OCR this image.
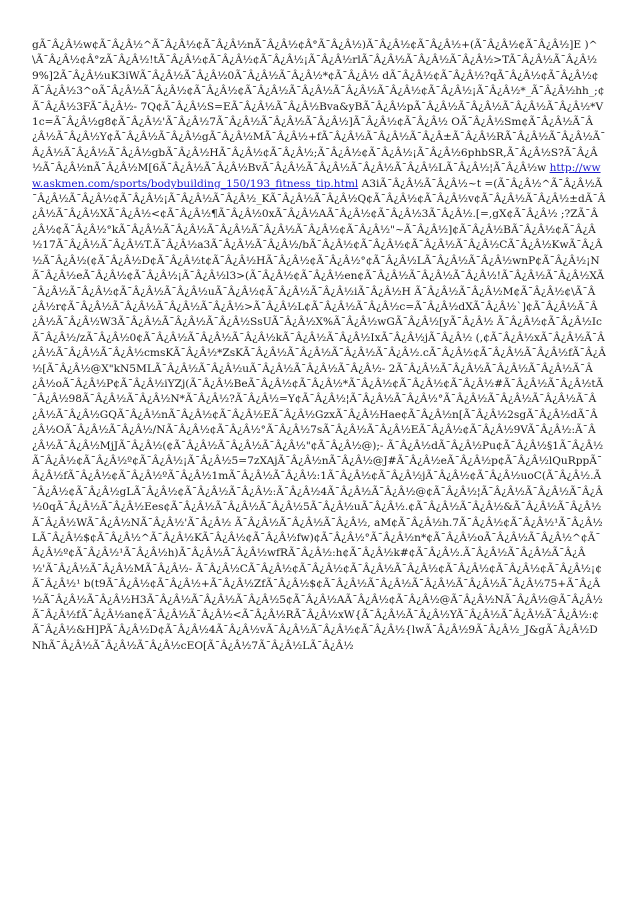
gÃ¯Â¿Â½w¢Ã¯Â¿Â½^Ã¯Â¿Â½¢Ã¯Â¿Â½nÃ¯Â¿Â½¢Â°Ã¯Â¿Â½)Ã¯Â¿Â½¢Ã¯Â¿Â½+(Ã¯Â¿Â½¢Ã¯Â¿Â½]E )^\Ã¯Â¿Â½¢Â°zÃ¯Â¿Â½!tÃ¯Â¿Â½¢Ã¯Â¿Â½¢Ã¯Â¿Â½¡Ã¯Â¿Â½rlÃ¯Â¿Â½Ã¯Â¿Â½Ã¯Â¿Â½>TÃ¯Â¿Â½Ã¯Â¿Â½9%]2Ã¯Â¿Â½uK3iWÃ¯Â¿Â½Ã¯Â¿Â½0Ã¯Â¿Â½Ã¯Â¿Â½*¢Ã¯Â¿Â½ dÃ¯Â¿Â½¢Ã¯Â¿Â½?qÃ¯Â¿Â½¢Ã¯Â¿Â½¢Ã¯Â¿Â½3^oÃ¯Â¿Â½Ã¯Â¿Â½¢Ã¯Â¿Â½¢Ã¯Â¿Â½Ã¯Â¿Â½Ã¯Â¿Â½Ã¯Â¿Â½¢Ã¯Â¿Â½¡Ã¯Â¿Â½*_Ã¯Â¿Â½hh_;¢Ã¯Â¿Â½3FÃ¯Â¿Â½- 7Q¢Ã¯Â¿Â½S=EÃ¯Â¿Â½Ã¯Â¿Â½Bva&yBÃ¯Â¿Â½pÃ¯Â¿Â½Ã¯Â¿Â½Ã¯Â¿Â½Ã¯Â¿Â½*V 1c=Ã¯Â¿Â½g8¢Ã¯Â¿Â½'Ã¯Â¿Â½7Ã¯Â¿Â½Ã¯Â¿Â½Ã¯Â¿Â½]Ã¯Â¿Â½¢Ã¯Â¿Â½ OÃ¯Â¿Â½Sm¢Ã¯Â¿Â½Ã¯Â¿Â½Ã¯Â¿Â½Y¢Ã¯Â¿Â½Ã¯Â¿Â½gÃ¯Â¿Â½MÃ¯Â¿Â½+fÃ¯Â¿Â½Ã¯Â¿Â½Ã¯Â¿Â±Ã¯Â¿Â½RÃ¯Â¿Â½Ã¯Â¿Â½Ã¯Â¿Â½Ã¯Â¿Â½Ã¯Â¿Â½gbÃ¯Â¿Â½HÃ¯Â¿Â½¢Ã¯Â¿Â½;Ã¯Â¿Â½¢Ã¯Â¿Â½¡Ã¯Â¿Â½6phbSR,Ã¯Â¿Â½S?Ã¯Â¿Â½Ã¯Â¿Â½nÃ¯Â¿Â½M[6Ã¯Â¿Â½Ã¯Â¿Â½BvÃ¯Â¿Â½Ã¯Â¿Â½Ã¯Â¿Â½Ã¯Â¿Â½LÃ¯Â¿Â½¦Ã¯Â¿Â½w http://www.askmen.com/sports/bodybuilding_150/193_fitness_tip.html A3iÃ¯Â¿Â½Ã¯Â¿Â½~t =(Ã¯Â¿Â½^Ã¯Â¿Â½Ã¯Â¿Â½Ã¯Â¿Â½¢Ã¯Â¿Â½¡Ã¯Â¿Â½Ã¯Â¿Â½_KÃ¯Â¿Â½Ã¯Â¿Â½Q¢Ã¯Â¿Â½¢Ã¯Â¿Â½v¢Ã¯Â¿Â½Ã¯Â¿Â½±dÃ¯Â¿Â½Ã¯Â¿Â½XÃ¯Â¿Â½<¢Ã¯Â¿Â½¶Ã¯Â¿Â½0xÃ¯Â¿Â½AÃ¯Â¿Â½¢Ã¯Â¿Â½3Ã¯Â¿Â½.[=,gX¢Ã¯Â¿Â½ ;?ZÃ¯Â¿Â½¢Ã¯Â¿Â½°kÃ¯Â¿Â½Ã¯Â¿Â½Ã¯Â¿Â½Ã¯Â¿Â½Ã¯Â¿Â½¢Ã¯Â¿Â½"~Ã¯Â¿Â½]¢Ã¯Â¿Â½BÃ¯Â¿Â½¢Ã¯Â¿Â½17Ã¯Â¿Â½Ã¯Â¿Â½T.Ã¯Â¿Â½a3Ã¯Â¿Â½Ã¯Â¿Â½/bÃ¯Â¿Â½¢Ã¯Â¿Â½¢Ã¯Â¿Â½Ã¯Â¿Â½CÃ¯Â¿Â½KwÃ¯Â¿Â½Ã¯Â¿Â½(¢Ã¯Â¿Â½D¢Ã¯Â¿Â½t¢Ã¯Â¿Â½HÃ¯Â¿Â½¢Ã¯Â¿Â½°¢Ã¯Â¿Â½LÃ¯Â¿Â½Ã¯Â¿Â½wnP¢Ã¯Â¿Â½¡NÃ¯Â¿Â½eÃ¯Â¿Â½¢Ã¯Â¿Â½¡Ã¯Â¿Â½l3>(Ã¯Â¿Â½¢Ã¯Â¿Â½en¢Ã¯Â¿Â½Ã¯Â¿Â½Ã¯Â¿Â½!Ã¯Â¿Â½Ã¯Â¿Â½XÃ¯Â¿Â½Ã¯Â¿Â½¢Ã¯Â¿Â½Ã¯Â¿Â½uÃ¯Â¿Â½¢Ã¯Â¿Â½Ã¯Â¿Â½iÃ¯Â¿Â½H Ã¯Â¿Â½Ã¯Â¿Â½M¢Ã¯Â¿Â½¢\Ã¯Â¿Â½r¢Ã¯Â¿Â½Ã¯Â¿Â½Ã¯Â¿Â½Ã¯Â¿Â½>Ã¯Â¿Â½L¢Ã¯Â¿Â½Ã¯Â¿Â½c=Ã¯Â¿Â½dXÃ¯Â¿Â½`]¢Ã¯Â¿Â½Ã¯Â¿Â½Ã¯Â¿Â½W3Ã¯Â¿Â½Ã¯Â¿Â½Ã¯Â¿Â½SsUÃ¯Â¿Â½X%Ã¯Â¿Â½wGÃ¯Â¿Â½[yÃ¯Â¿Â½ Ã¯Â¿Â½¢Ã¯Â¿Â½IcÃ¯Â¿Â½/zÃ¯Â¿Â½0¢Ã¯Â¿Â½Ã¯Â¿Â½Ã¯Â¿Â½kÃ¯Â¿Â½Ã¯Â¿Â½IxÃ¯Â¿Â½jÃ¯Â¿Â½ (,¢Ã¯Â¿Â½xÃ¯Â¿Â½Ã¯Â¿Â½Ã¯Â¿Â½Ã¯Â¿Â½cmsKÃ¯Â¿Â½*ZsKÃ¯Â¿Â½Ã¯Â¿Â½Ã¯Â¿Â½Ã¯Â¿Â½.cÃ¯Â¿Â½¢Ã¯Â¿Â½Ã¯Â¿Â½fÃ¯Â¿Â½[Ã¯Â¿Â½@X"kN5MLÃ¯Â¿Â½Ã¯Â¿Â½uÃ¯Â¿Â½Ã¯Â¿Â½Ã¯Â¿Â½- 2Ã¯Â¿Â½Ã¯Â¿Â½Ã¯Â¿Â½Ã¯Â¿Â½Ã¯Â¿Â½oÃ¯Â¿Â½P¢Ã¯Â¿Â½iYZj(Ã¯Â¿Â½BeÃ¯Â¿Â½¢Ã¯Â¿Â½*Ã¯Â¿Â½¢Ã¯Â¿Â½¢Ã¯Â¿Â½#Ã¯Â¿Â½Ã¯Â¿Â½tÃ¯Â¿Â½98Ã¯Â¿Â½Ã¯Â¿Â½N*Ã¯Â¿Â½?Ã¯Â¿Â½=Y¢Ã¯Â¿Â½¦Ã¯Â¿Â½Ã¯Â¿Â½°Ã¯Â¿Â½Ã¯Â¿Â½Ã¯Â¿Â½Ã¯Â¿Â½Ã¯Â¿Â½GQÃ¯Â¿Â½nÃ¯Â¿Â½¢Ã¯Â¿Â½EÃ¯Â¿Â½GzxÃ¯Â¿Â½Hae¢Ã¯Â¿Â½n[Ã¯Â¿Â½2sgÃ¯Â¿Â½dÃ¯Â¿Â½OÃ¯Â¿Â½Ã¯Â¿Â½/NÃ¯Â¿Â½¢Ã¯Â¿Â½°Ã¯Â¿Â½7sÃ¯Â¿Â½Ã¯Â¿Â½EÃ¯Â¿Â½¢Ã¯Â¿Â½9VÃ¯Â¿Â½:Ã¯Â¿Â½Ã¯Â¿Â½MjJÃ¯Â¿Â½(¢Ã¯Â¿Â½Ã¯Â¿Â½Ã¯Â¿Â½"¢Ã¯Â¿Â½@);- Ã¯Â¿Â½dÃ¯Â¿Â½Pu¢Ã¯Â¿Â½§1Ã¯Â¿Â½Ã¯Â¿Â½¢Ã¯Â¿Â½º¢Ã¯Â¿Â½¡Ã¯Â¿Â½5=7zXAjÃ¯Â¿Â½nÃ¯Â¿Â½@J#Ã¯Â¿Â½eÃ¯Â¿Â½p¢Ã¯Â¿Â½lQuRppÃ¯Â¿Â½fÃ¯Â¿Â½¢Ã¯Â¿Â½ºÃ¯Â¿Â½1mÃ¯Â¿Â½Ã¯Â¿Â½:1Ã¯Â¿Â½¢Ã¯Â¿Â½jÃ¯Â¿Â½¢Ã¯Â¿Â½uoC(Ã¯Â¿Â½.Ã¯Â¿Â½¢Ã¯Â¿Â½gLÃ¯Â¿Â½¢Ã¯Â¿Â½Ã¯Â¿Â½:Ã¯Â¿Â½4Ã¯Â¿Â½Ã¯Â¿Â½@¢Ã¯Â¿Â½¦Ã¯Â¿Â½Ã¯Â¿Â½Ã¯Â¿Â½0qÃ¯Â¿Â½Ã¯Â¿Â½Ees¢Ã¯Â¿Â½Ã¯Â¿Â½Ã¯Â¿Â½5Ã¯Â¿Â½uÃ¯Â¿Â½.¢Ã¯Â¿Â½Ã¯Â¿Â½&Ã¯Â¿Â½Ã¯Â¿Â½Ã¯Â¿Â½WÃ¯Â¿Â½NÃ¯Â¿Â½'Ã¯Â¿Â½ Ã¯Â¿Â½Ã¯Â¿Â½Ã¯Â¿Â½, aM¢Ã¯Â¿Â½h.7Ã¯Â¿Â½¢Ã¯Â¿Â½¹Ã¯Â¿Â½LÃ¯Â¿Â½$¢Ã¯Â¿Â½^Ã¯Â¿Â½KÃ¯Â¿Â½¢Ã¯Â¿Â½fw)¢Ã¯Â¿Â½°Ã¯Â¿Â½n*¢Ã¯Â¿Â½oÃ¯Â¿Â½Ã¯Â¿Â½^¢Ã¯Â¿Â½º¢Ã¯Â¿Â½¹Ã¯Â¿Â½h)Ã¯Â¿Â½Ã¯Â¿Â½wfRÃ¯Â¿Â½:h¢Ã¯Â¿Â½k#¢Ã¯Â¿Â½.Ã¯Â¿Â½Ã¯Â¿Â½Ã¯Â¿Â½'Ã¯Â¿Â½Ã¯Â¿Â½MÃ¯Â¿Â½- Ã¯Â¿Â½CÃ¯Â¿Â½¢Ã¯Â¿Â½¢Ã¯Â¿Â½Ã¯Â¿Â½¢Ã¯Â¿Â½¢Ã¯Â¿Â½¢Ã¯Â¿Â½¡¢Ã¯Â¿Â½¹ b(t9Ã¯Â¿Â½¢Ã¯Â¿Â½+Ã¯Â¿Â½ZfÃ¯Â¿Â½$¢Ã¯Â¿Â½Ã¯Â¿Â½Ã¯Â¿Â½Ã¯Â¿Â½Ã¯Â¿Â½75+Ã¯Â¿Â½Ã¯Â¿Â½Ã¯Â¿Â½H3Ã¯Â¿Â½Ã¯Â¿Â½Ã¯Â¿Â½5¢Ã¯Â¿Â½AÃ¯Â¿Â½¢Ã¯Â¿Â½@Ã¯Â¿Â½NÃ¯Â¿Â½@Ã¯Â¿Â½Ã¯Â¿Â½fÃ¯Â¿Â½an¢Ã¯Â¿Â½Ã¯Â¿Â½<Ã¯Â¿Â½RÃ¯Â¿Â½xW{Ã¯Â¿Â½Ã¯Â¿Â½YÃ¯Â¿Â½Ã¯Â¿Â½Ã¯Â¿Â½:¢Ã¯Â¿Â½&H]PÃ¯Â¿Â½D¢Ã¯Â¿Â½4Ã¯Â¿Â½vÃ¯Â¿Â½Ã¯Â¿Â½¢Ã¯Â¿Â½{lwÃ¯Â¿Â½9Ã¯Â¿Â½_J&gÃ¯Â¿Â½DNhÃ¯Â¿Â½Ã¯Â¿Â½Ã¯Â¿Â½cEO[Ã¯Â¿Â½7Ã¯Â¿Â½LÃ¯Â¿Â½
